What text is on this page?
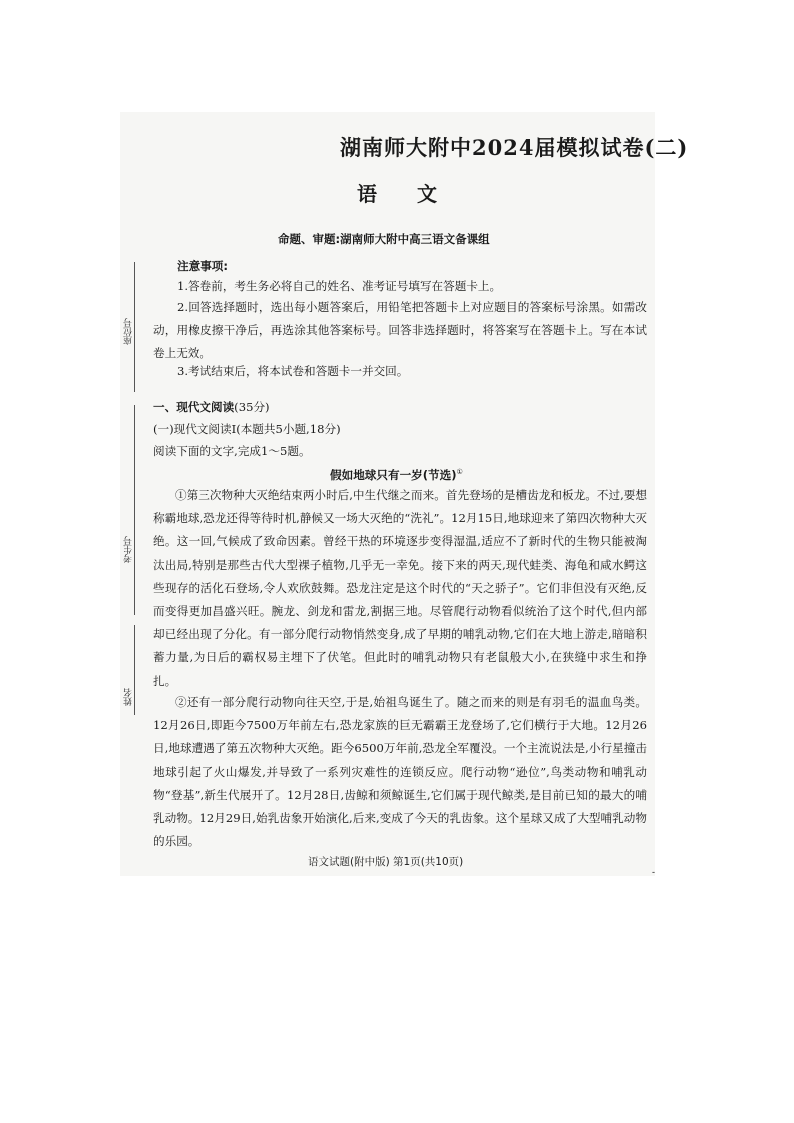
座位号
考生号
姓名
湖南师大附中2024届模拟试卷(二)
语文
命题、审题:湖南师大附中高三语文备课组
注意事项:
1.答卷前，考生务必将自己的姓名、准考证号填写在答题卡上。

2.回答选择题时，选出每小题答案后，用铅笔把答题卡上对应题目的答案标号涂黑。如需改动，用橡皮擦干净后，再选涂其他答案标号。回答非选择题时，将答案写在答题卡上。写在本试卷上无效。

3.考试结束后，将本试卷和答题卡一并交回。
一、现代文阅读(35分)
(一)现代文阅读Ⅰ(本题共5小题,18分)
阅读下面的文字,完成1～5题。
假如地球只有一岁(节选)①

①第三次物种大灭绝结束两小时后,中生代继之而来。首先登场的是槽齿龙和板龙。不过,要想称霸地球,恐龙还得等待时机,静候又一场大灭绝的“洗礼”。12月15日,地球迎来了第四次物种大灭绝。这一回,气候成了致命因素。曾经干热的环境逐步变得湿温,适应不了新时代的生物只能被淘汰出局,特别是那些古代大型裸子植物,几乎无一幸免。接下来的两天,现代蛙类、海龟和咸水鳄这些现存的活化石登场,令人欢欣鼓舞。恐龙注定是这个时代的“天之骄子”。它们非但没有灭绝,反而变得更加昌盛兴旺。腕龙、剑龙和雷龙,割据三地。尽管爬行动物看似统治了这个时代,但内部却已经出现了分化。有一部分爬行动物悄然变身,成了早期的哺乳动物,它们在大地上游走,暗暗积蓄力量,为日后的霸权易主埋下了伏笔。但此时的哺乳动物只有老鼠般大小,在狭缝中求生和挣扎。

②还有一部分爬行动物向往天空,于是,始祖鸟诞生了。随之而来的则是有羽毛的温血鸟类。12月26日,即距今7500万年前左右,恐龙家族的巨无霸霸王龙登场了,它们横行于大地。12月26日,地球遭遇了第五次物种大灭绝。距今6500万年前,恐龙全军覆没。一个主流说法是,小行星撞击地球引起了火山爆发,并导致了一系列灾难性的连锁反应。爬行动物“逊位”,鸟类动物和哺乳动物“登基”,新生代展开了。12月28日,齿鲸和须鲸诞生,它们属于现代鲸类,是目前已知的最大的哺乳动物。12月29日,始乳齿象开始演化,后来,变成了今天的乳齿象。这个星球又成了大型哺乳动物的乐园。

语文试题(附中版) 第1页(共10页)
-
